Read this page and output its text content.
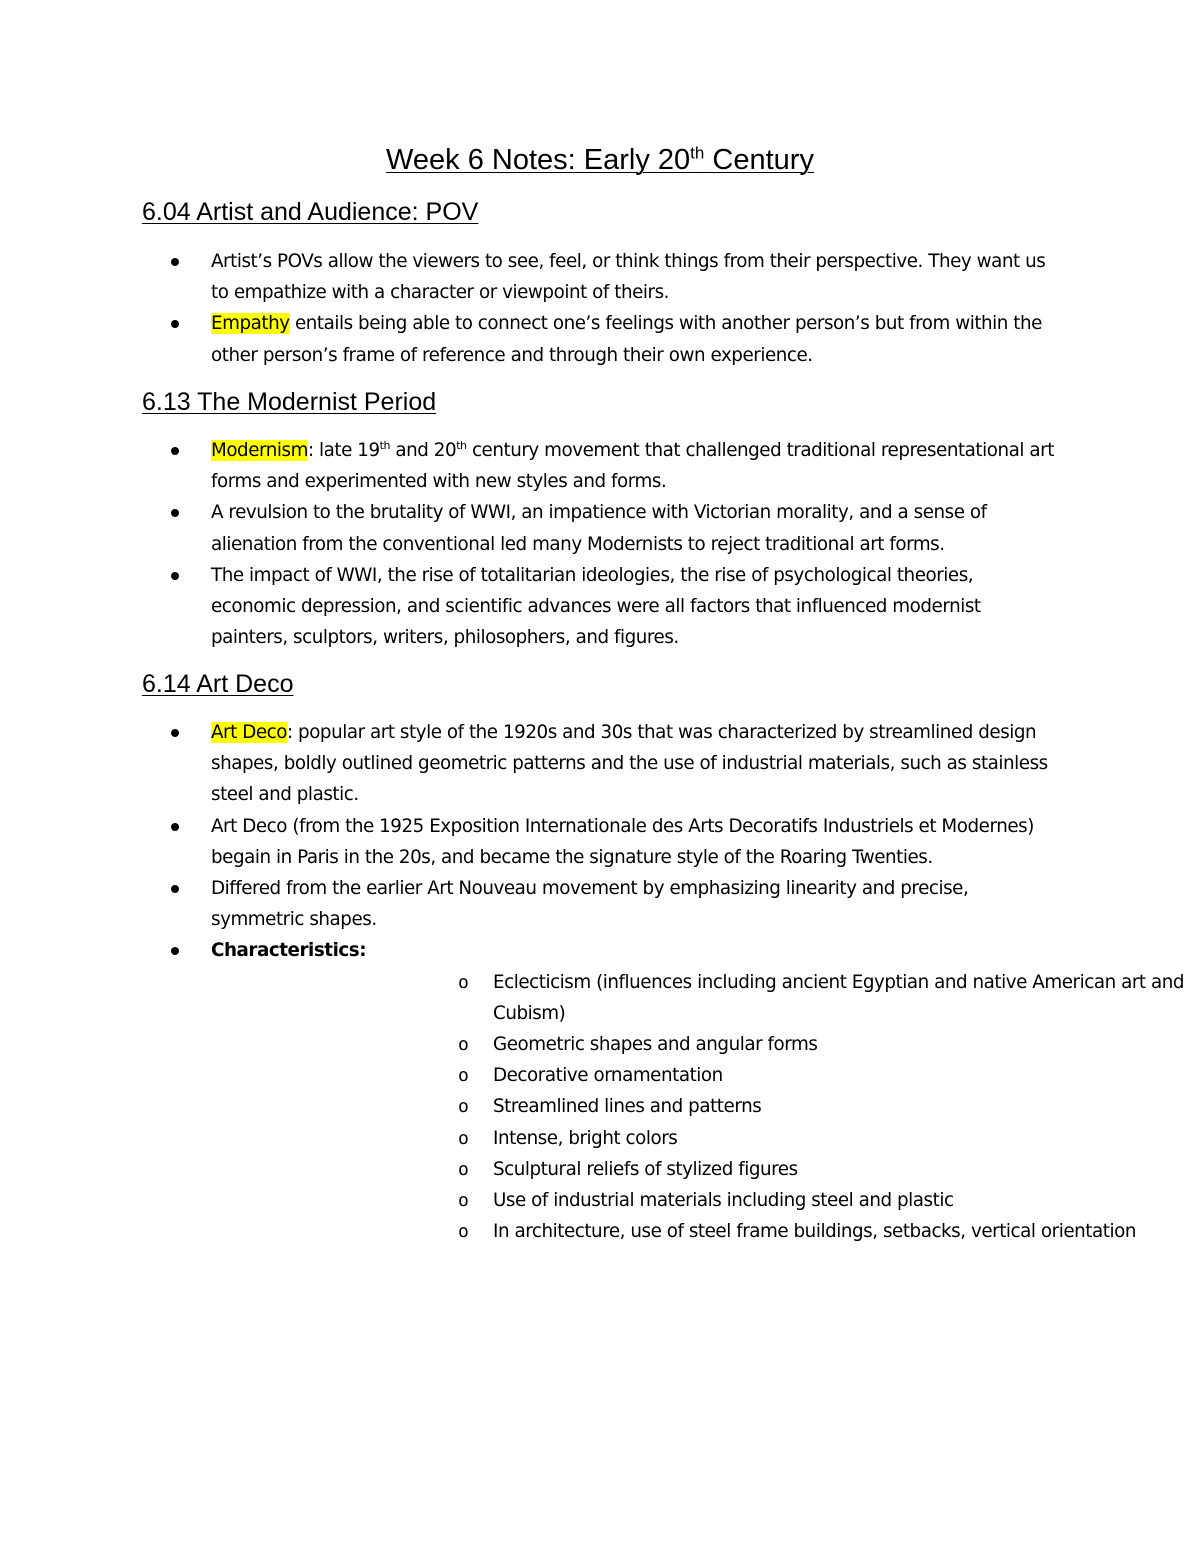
Week 6 Notes: Early 20th Century
6.04 Artist and Audience: POV
Artist’s POVs allow the viewers to see, feel, or think things from their perspective. They want us to empathize with a character or viewpoint of theirs.
Empathy entails being able to connect one’s feelings with another person’s but from within the other person’s frame of reference and through their own experience.
6.13 The Modernist Period
Modernism: late 19th and 20th century movement that challenged traditional representational art forms and experimented with new styles and forms.
A revulsion to the brutality of WWI, an impatience with Victorian morality, and a sense of alienation from the conventional led many Modernists to reject traditional art forms.
The impact of WWI, the rise of totalitarian ideologies, the rise of psychological theories, economic depression, and scientific advances were all factors that influenced modernist painters, sculptors, writers, philosophers, and figures.
6.14 Art Deco
Art Deco: popular art style of the 1920s and 30s that was characterized by streamlined design shapes, boldly outlined geometric patterns and the use of industrial materials, such as stainless steel and plastic.
Art Deco (from the 1925 Exposition Internationale des Arts Decoratifs Industriels et Modernes) begain in Paris in the 20s, and became the signature style of the Roaring Twenties.
Differed from the earlier Art Nouveau movement by emphasizing linearity and precise, symmetric shapes.
Characteristics:
o Eclecticism (influences including ancient Egyptian and native American art and Cubism)
o Geometric shapes and angular forms
o Decorative ornamentation
o Streamlined lines and patterns
o Intense, bright colors
o Sculptural reliefs of stylized figures
o Use of industrial materials including steel and plastic
o In architecture, use of steel frame buildings, setbacks, vertical orientation
